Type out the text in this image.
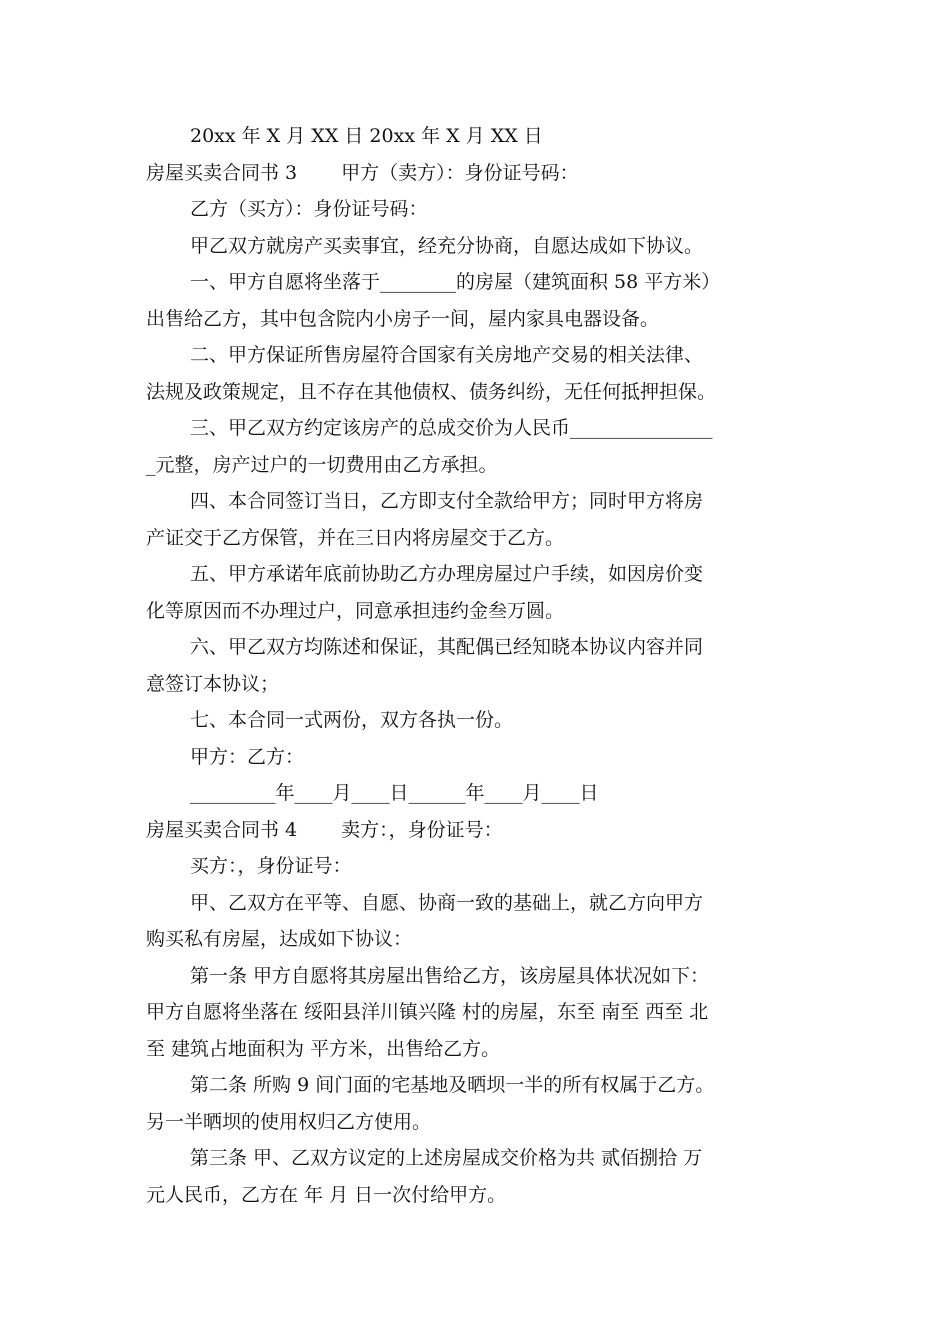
20xx 年 X 月 XX 日 20xx 年 X 月 XX 日
房屋买卖合同书 3 甲方（卖方）：身份证号码：
乙方（买方）：身份证号码：
甲乙双方就房产买卖事宜，经充分协商，自愿达成如下协议。
一、甲方自愿将坐落于________的房屋（建筑面积 58 平方米）
出售给乙方，其中包含院内小房子一间，屋内家具电器设备。
二、甲方保证所售房屋符合国家有关房地产交易的相关法律、
法规及政策规定，且不存在其他债权、债务纠纷，无任何抵押担保。
三、甲乙双方约定该房产的总成交价为人民币_______________
_元整，房产过户的一切费用由乙方承担。
四、本合同签订当日，乙方即支付全款给甲方；同时甲方将房
产证交于乙方保管，并在三日内将房屋交于乙方。
五、甲方承诺年底前协助乙方办理房屋过户手续，如因房价变
化等原因而不办理过户，同意承担违约金叁万圆。
六、甲乙双方均陈述和保证，其配偶已经知晓本协议内容并同
意签订本协议；
七、本合同一式两份，双方各执一份。
甲方：乙方：
_________年____月____日______年____月____日
房屋买卖合同书 4 卖方：，身份证号：
买方：，身份证号：
甲、乙双方在平等、自愿、协商一致的基础上，就乙方向甲方
购买私有房屋，达成如下协议：
第一条 甲方自愿将其房屋出售给乙方，该房屋具体状况如下：
甲方自愿将坐落在 绥阳县洋川镇兴隆 村的房屋，东至 南至 西至 北
至 建筑占地面积为 平方米，出售给乙方。
第二条 所购 9 间门面的宅基地及晒坝一半的所有权属于乙方。
另一半晒坝的使用权归乙方使用。
第三条 甲、乙双方议定的上述房屋成交价格为共 贰佰捌拾 万
元人民币，乙方在 年 月 日一次付给甲方。
